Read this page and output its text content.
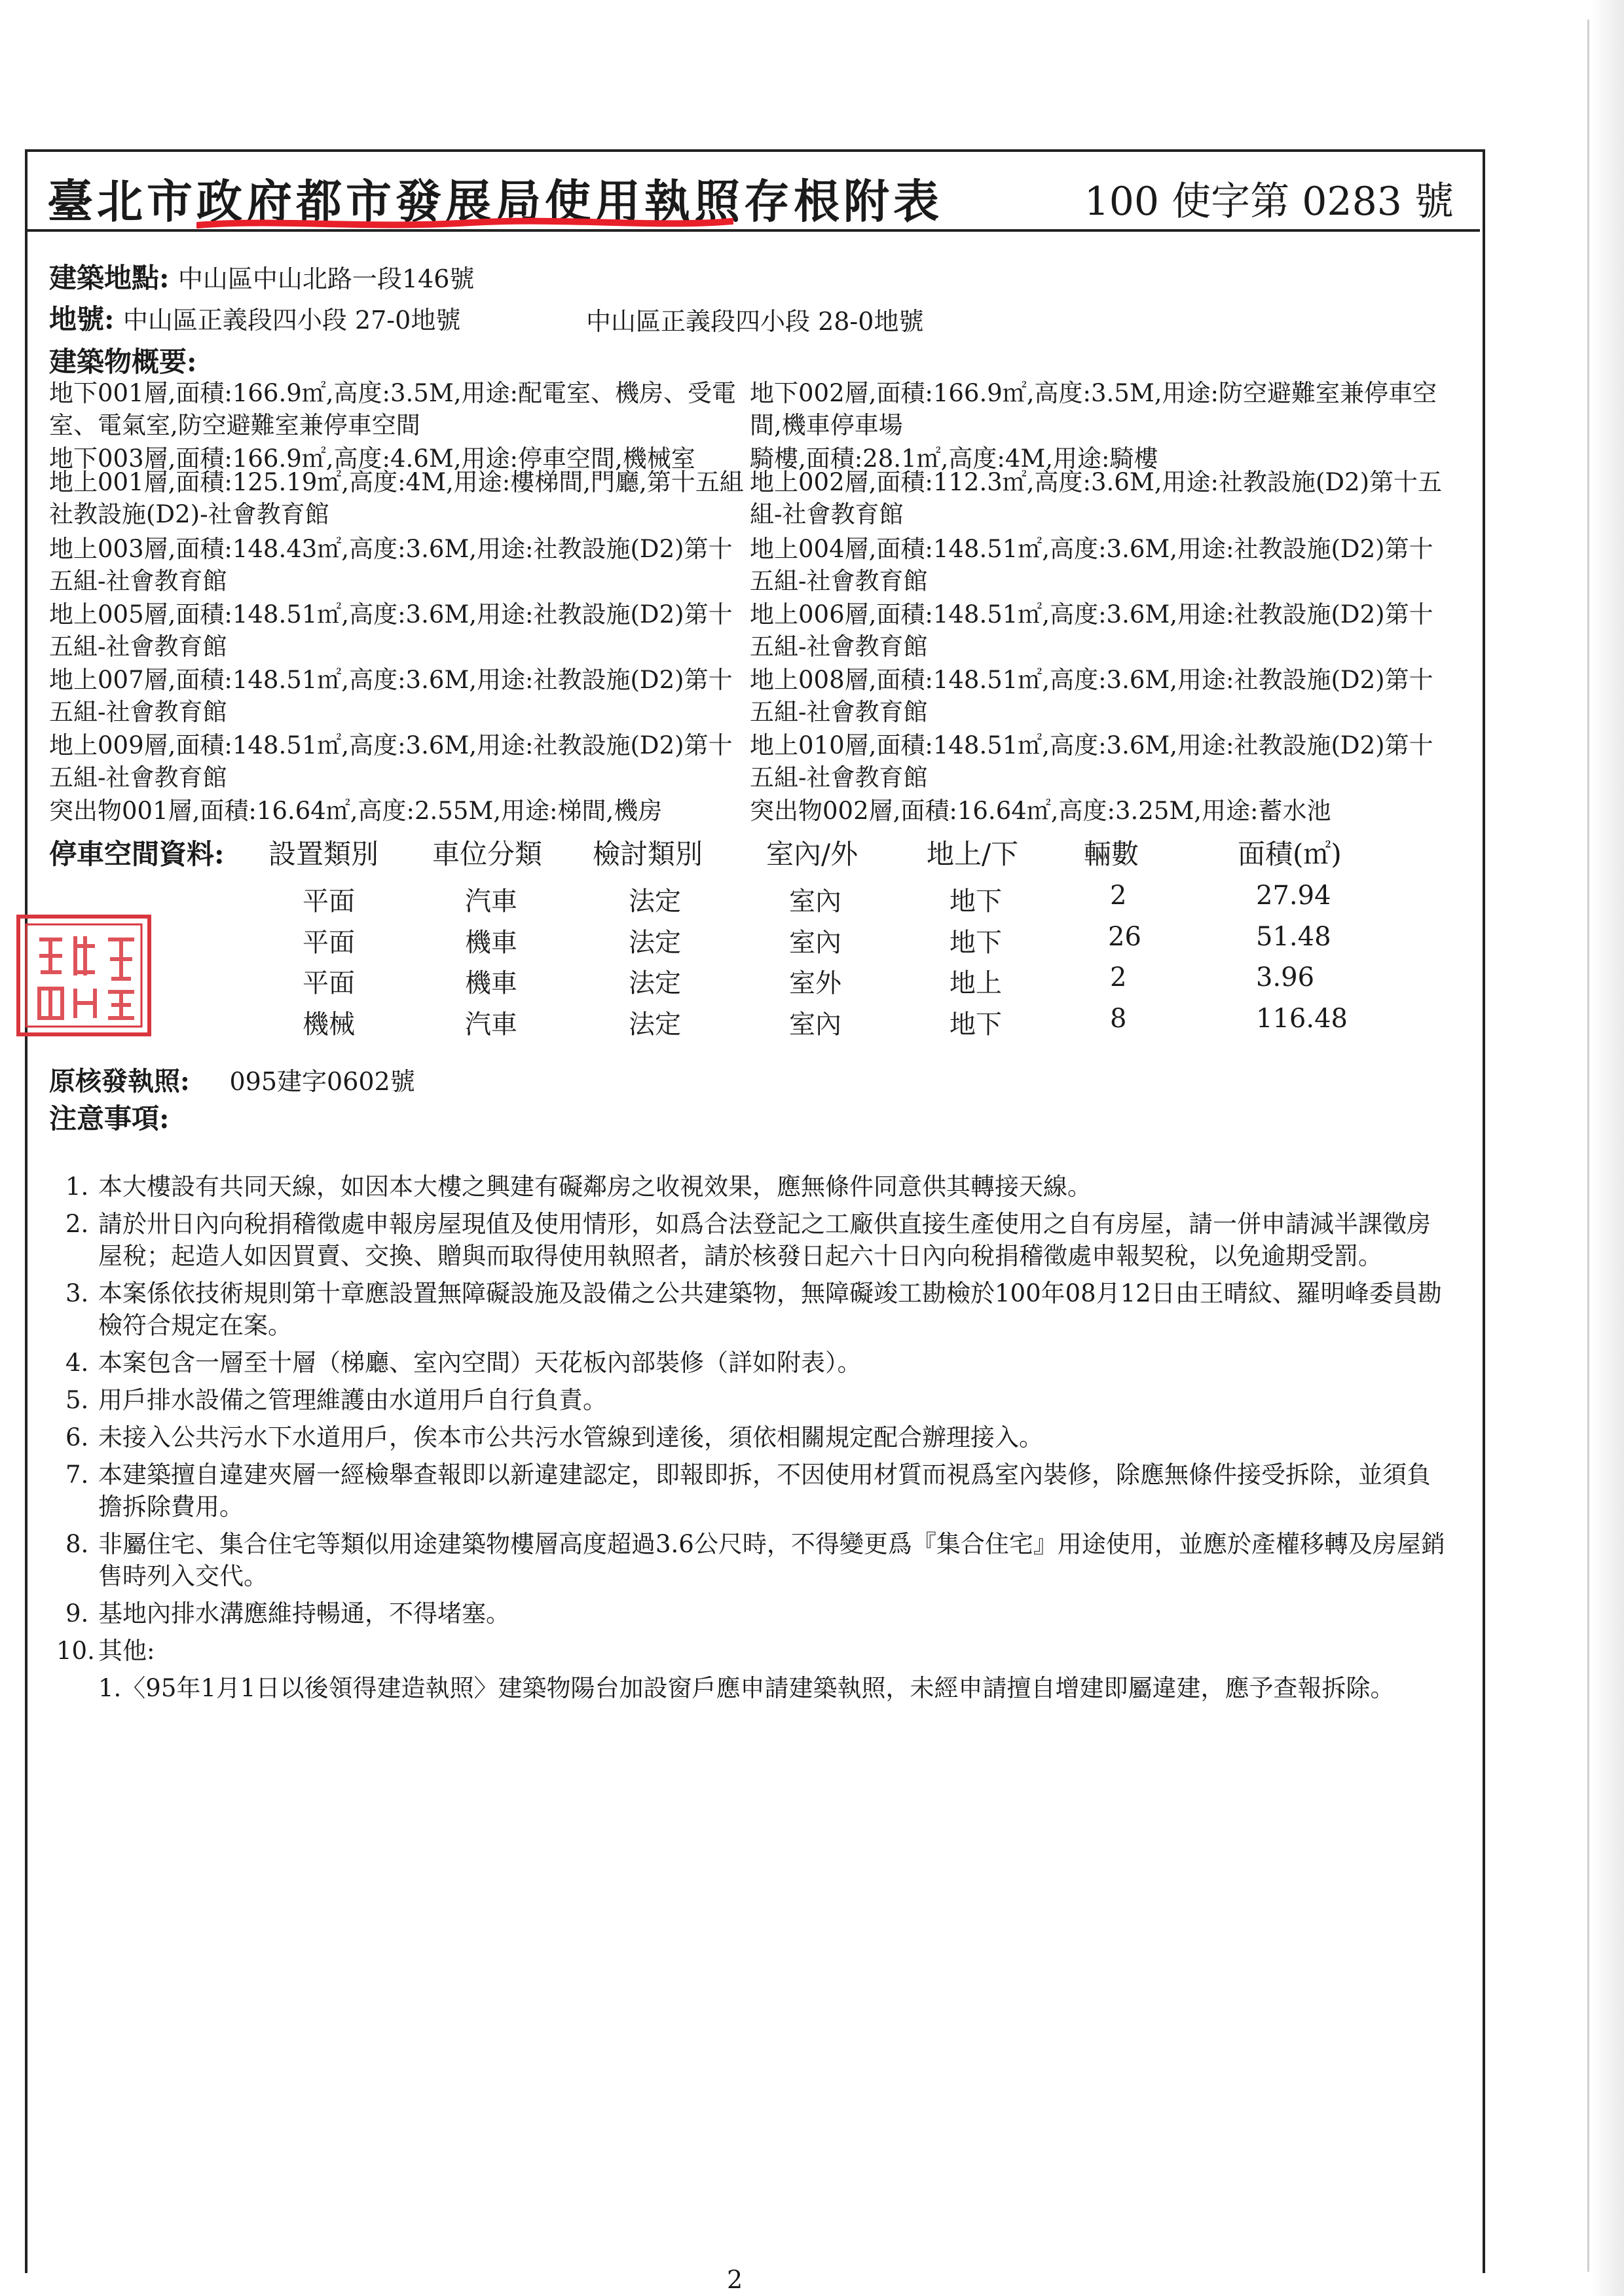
臺北市政府都市發展局使用執照存根附表	100 使字第 0283 號
建築地點: 中山區中山北路一段146號
地號: 中山區正義段四小段 27-0地號	中山區正義段四小段 28-0地號
建築物概要:
地下001層,面積:166.9㎡,高度:3.5M,用途:配電室、機房、受電室、電氣室,防空避難室兼停車空間
地下003層,面積:166.9㎡,高度:4.6M,用途:停車空間,機械室
地上001層,面積:125.19㎡,高度:4M,用途:樓梯間,門廳,第十五組社教設施(D2)-社會教育館
地上003層,面積:148.43㎡,高度:3.6M,用途:社教設施(D2)第十五組-社會教育館
地上005層,面積:148.51㎡,高度:3.6M,用途:社教設施(D2)第十五組-社會教育館
地上007層,面積:148.51㎡,高度:3.6M,用途:社教設施(D2)第十五組-社會教育館
地上009層,面積:148.51㎡,高度:3.6M,用途:社教設施(D2)第十五組-社會教育館
突出物001層,面積:16.64㎡,高度:2.55M,用途:梯間,機房
地下002層,面積:166.9㎡,高度:3.5M,用途:防空避難室兼停車空間,機車停車場
騎樓,面積:28.1㎡,高度:4M,用途:騎樓
地上002層,面積:112.3㎡,高度:3.6M,用途:社教設施(D2)第十五組-社會教育館
地上004層,面積:148.51㎡,高度:3.6M,用途:社教設施(D2)第十五組-社會教育館
地上006層,面積:148.51㎡,高度:3.6M,用途:社教設施(D2)第十五組-社會教育館
地上008層,面積:148.51㎡,高度:3.6M,用途:社教設施(D2)第十五組-社會教育館
地上010層,面積:148.51㎡,高度:3.6M,用途:社教設施(D2)第十五組-社會教育館
突出物002層,面積:16.64㎡,高度:3.25M,用途:蓄水池
停車空間資料: 設置類別 車位分類 檢討類別 室內/外 地上/下 輛數	面積(㎡)
平面	汽車	法定	室內	地下	2	27.94
平面	機車	法定	室內	地下	26	51.48
平面	機車	法定	室外	地上	2	3.96
機械	汽車	法定	室內	地下	8	116.48
原核發執照: 095建字0602號
注意事項:
1. 本大樓設有共同天線，如因本大樓之興建有礙鄰房之收視效果，應無條件同意供其轉接天線。
2. 請於卅日內向稅捐稽徵處申報房屋現值及使用情形，如爲合法登記之工廠供直接生產使用之自有房屋，請一併申請減半課徵房屋稅；起造人如因買賣、交換、贈與而取得使用執照者，請於核發日起六十日內向稅捐稽徵處申報契稅，以免逾期受罰。
3. 本案係依技術規則第十章應設置無障礙設施及設備之公共建築物，無障礙竣工勘檢於100年08月12日由王晴紋、羅明峰委員勘檢符合規定在案。
4. 本案包含一層至十層（梯廳、室內空間）天花板內部裝修（詳如附表）。
5. 用戶排水設備之管理維護由水道用戶自行負責。
6. 未接入公共污水下水道用戶，俟本市公共污水管線到達後，須依相關規定配合辦理接入。
7. 本建築擅自違建夾層一經檢舉查報即以新違建認定，即報即拆，不因使用材質而視爲室內裝修，除應無條件接受拆除，並須負擔拆除費用。
8. 非屬住宅、集合住宅等類似用途建築物樓層高度超過3.6公尺時，不得變更爲『集合住宅』用途使用，並應於產權移轉及房屋銷售時列入交代。
9. 基地內排水溝應維持暢通，不得堵塞。
10. 其他:
1.〈95年1月1日以後領得建造執照〉建築物陽台加設窗戶應申請建築執照，未經申請擅自增建即屬違建，應予查報拆除。
2
